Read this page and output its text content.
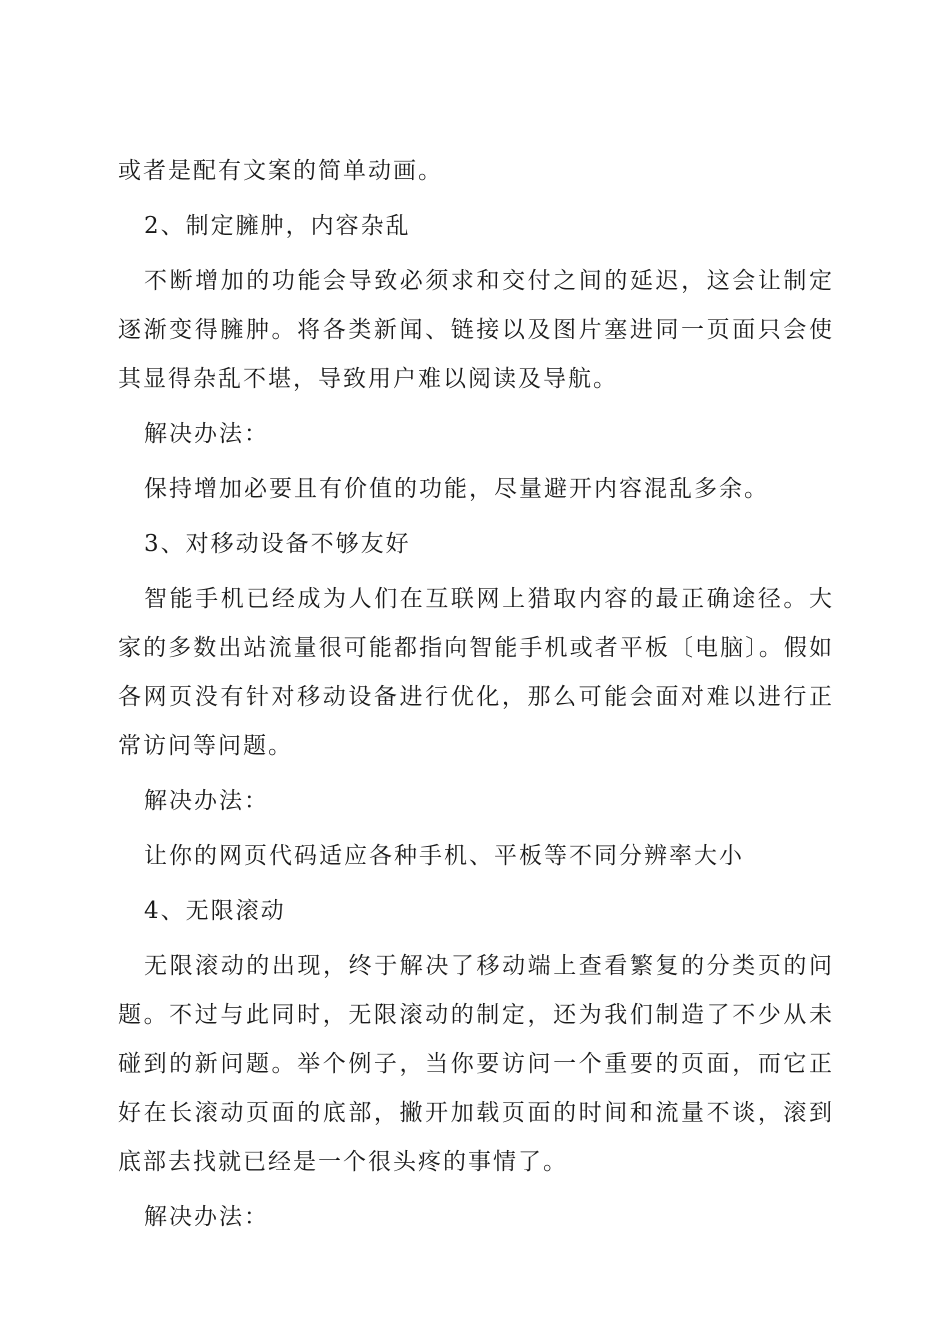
或者是配有文案的简单动画。

2、制定臃肿，内容杂乱

不断增加的功能会导致必须求和交付之间的延迟，这会让制定逐渐变得臃肿。将各类新闻、链接以及图片塞进同一页面只会使其显得杂乱不堪，导致用户难以阅读及导航。

解决办法：

保持增加必要且有价值的功能，尽量避开内容混乱多余。

3、对移动设备不够友好

智能手机已经成为人们在互联网上猎取内容的最正确途径。大家的多数出站流量很可能都指向智能手机或者平板〔电脑〕。假如各网页没有针对移动设备进行优化，那么可能会面对难以进行正常访问等问题。

解决办法：

让你的网页代码适应各种手机、平板等不同分辨率大小

4、无限滚动

无限滚动的出现，终于解决了移动端上查看繁复的分类页的问题。不过与此同时，无限滚动的制定，还为我们制造了不少从未碰到的新问题。举个例子，当你要访问一个重要的页面，而它正好在长滚动页面的底部，撇开加载页面的时间和流量不谈，滚到底部去找就已经是一个很头疼的事情了。

解决办法：
